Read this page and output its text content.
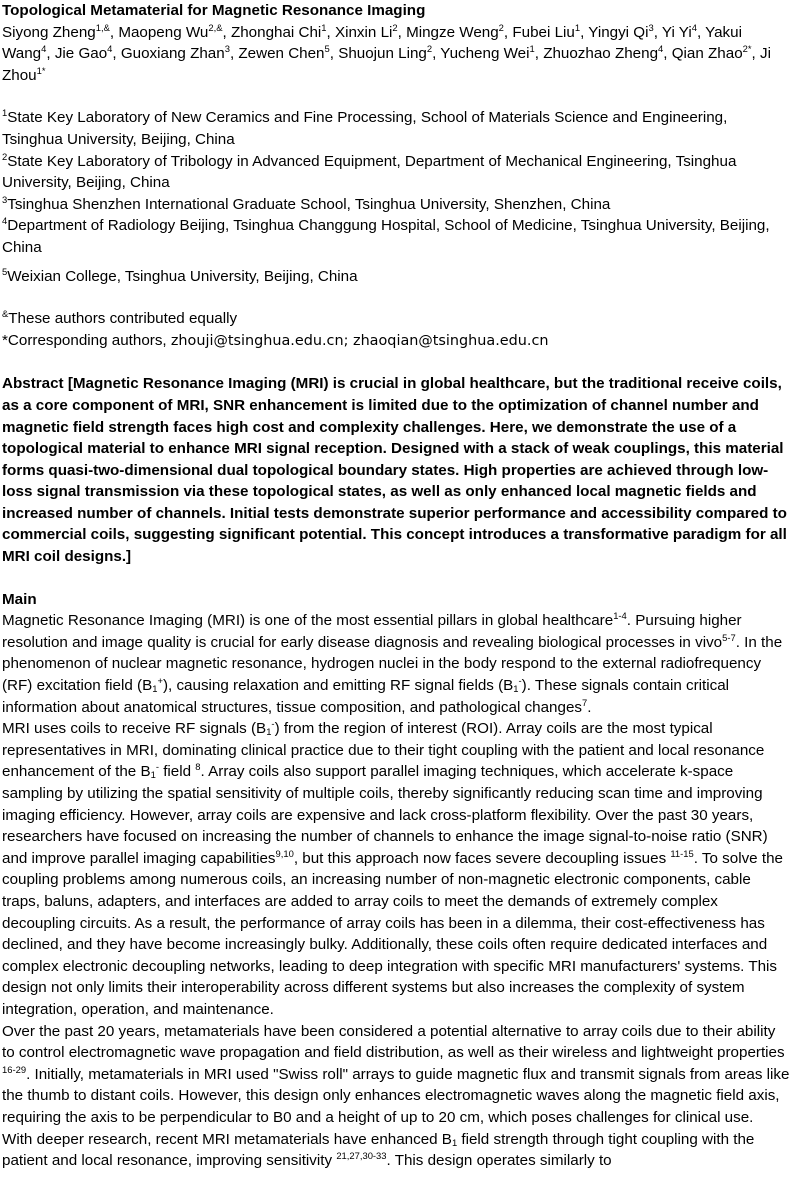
Topological Metamaterial for Magnetic Resonance Imaging

Siyong Zheng$^{1,\&}$, Maopeng $Wu^{2,\&}$, Zhonghai Chi$^1$, Xinxin Li$^2$, Mingze Weng$^2$, Fubei Liu$^1$, Yingyi Qi$^3$, Yi Yi$^4$, Yakui Wang$^4$, Jie Gao$^4$, Guoxiang Zhan$^3$, Zewen Chen$^5$, Shuojun Ling$^2$, Yucheng Wei$^1$, Zhuozhao Zheng$^4$, Qian Zhao$^{2*}$, Ji Zhou$^{1*}$

$^1$State Key Laboratory of New Ceramics and Fine Processing, School of Materials Science and Engineering, Tsinghua University, Beijing, China

$^2$State Key Laboratory of Tribology in Advanced Equipment, Department of Mechanical Engineering, Tsinghua University, Beijing, China

$^3$Tsinghua Shenzhen International Graduate School, Tsinghua University, Shenzhen, China

$^4$Department of Radiology Beijing, Tsinghua Changgung Hospital, School of Medicine, Tsinghua University, Beijing, China

$^5$Weixian College, Tsinghua University, Beijing, China

&These authors contributed equally

*Corresponding authors, zhouji@tsinghua.edu.cn; zhaoqian@tsinghua.edu.cn

Abstract [Magnetic Resonance Imaging (MRI) is crucial in global healthcare, but the traditional receive coils, as a core component of MRI, SNR enhancement is limited due to the optimization of channel number and magnetic field strength faces high cost and complexity challenges. Here, we demonstrate the use of a topological material to enhance MRI signal reception. Designed with a stack of weak couplings, this material forms quasi-two-dimensional dual topological boundary states. High properties are achieved through low-loss signal transmission via these topological states, as well as only enhanced local magnetic fields and increased number of channels. Initial tests demonstrate superior performance and accessibility compared to commercial coils, suggesting significant potential. This concept introduces a transformative paradigm for all MRI coil designs.]

Main

Magnetic Resonance Imaging (MRI) is one of the most essential pillars in global healthcare$^{1-4}$. Pursuing higher resolution and image quality is crucial for early disease diagnosis and revealing biological processes in vivo$^{5-7}$. In the phenomenon of nuclear magnetic resonance, hydrogen nuclei in the body respond to the external radiofrequency (RF) excitation field $(B_1^+)$, causing relaxation and emitting RF signal fields $(B_1^-)$. These signals contain critical information about anatomical structures, tissue composition, and pathological changes$^7$.

MRI uses coils to receive RF signals $(B_1^-)$ from the region of interest (ROI). Array coils are the most typical representatives in MRI, dominating clinical practice due to their tight coupling with the patient and local resonance enhancement of the $B_1^-$ field $^8$. Array coils also support parallel imaging techniques, which accelerate k-space sampling by utilizing the spatial sensitivity of multiple coils, thereby significantly reducing scan time and improving imaging efficiency. However, array coils are expensive and lack cross-platform flexibility. Over the past 30 years, researchers have focused on increasing the number of channels to enhance the image signal-to-noise ratio (SNR) and improve parallel imaging capabilities$^{9,10}$, but this approach now faces severe decoupling issues $^{11-15}$. To solve the coupling problems among numerous coils, an increasing number of non-magnetic electronic components, cable traps, baluns, adapters, and interfaces are added to array coils to meet the demands of extremely complex decoupling circuits. As a result, the performance of array coils has been in a dilemma, their cost-effectiveness has declined, and they have become increasingly bulky. Additionally, these coils often require dedicated interfaces and complex electronic decoupling networks, leading to deep integration with specific MRI manufacturers' systems. This design not only limits their interoperability across different systems but also increases the complexity of system integration, operation, and maintenance.

Over the past 20 years, metamaterials have been considered a potential alternative to array coils due to their ability to control electromagnetic wave propagation and field distribution, as well as their wireless and lightweight properties $^{16-29}$. Initially, metamaterials in MRI used "Swiss roll" arrays to guide magnetic flux and transmit signals from areas like the thumb to distant coils. However, this design only enhances electromagnetic waves along the magnetic field axis, requiring the axis to be perpendicular to B0 and a height of up to 20 cm, which poses challenges for clinical use.

With deeper research, recent MRI metamaterials have enhanced $B_1$ field strength through tight coupling with the patient and local resonance, improving sensitivity $^{21,27,30-33}$. This design operates similarly to
